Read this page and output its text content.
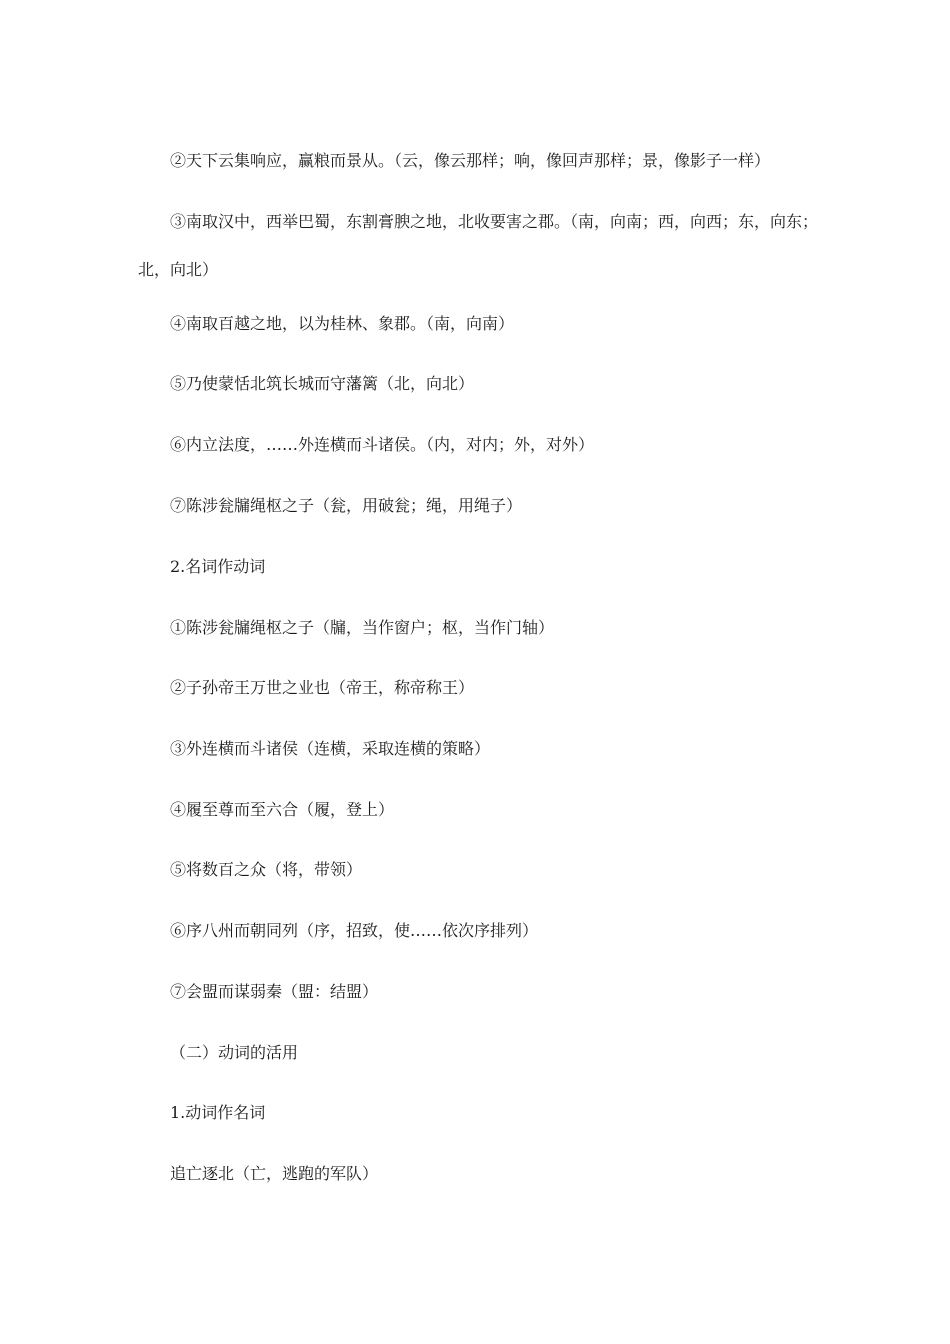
②天下云集响应，赢粮而景从。（云，像云那样；响，像回声那样；景，像影子一样）

③南取汉中，西举巴蜀，东割膏腴之地，北收要害之郡。（南，向南；西，向西；东，向东；北，向北）

④南取百越之地，以为桂林、象郡。（南，向南）

⑤乃使蒙恬北筑长城而守藩篱（北，向北）

⑥内立法度，……外连横而斗诸侯。（内，对内；外，对外）

⑦陈涉瓮牖绳枢之子（瓮，用破瓮；绳，用绳子）

2.名词作动词

①陈涉瓮牖绳枢之子（牖，当作窗户；枢，当作门轴）

②子孙帝王万世之业也（帝王，称帝称王）

③外连横而斗诸侯（连横，采取连横的策略）

④履至尊而至六合（履，登上）

⑤将数百之众（将，带领）

⑥序八州而朝同列（序，招致，使……依次序排列）

⑦会盟而谋弱秦（盟：结盟）

（二）动词的活用

1.动词作名词

追亡逐北（亡，逃跑的军队）
